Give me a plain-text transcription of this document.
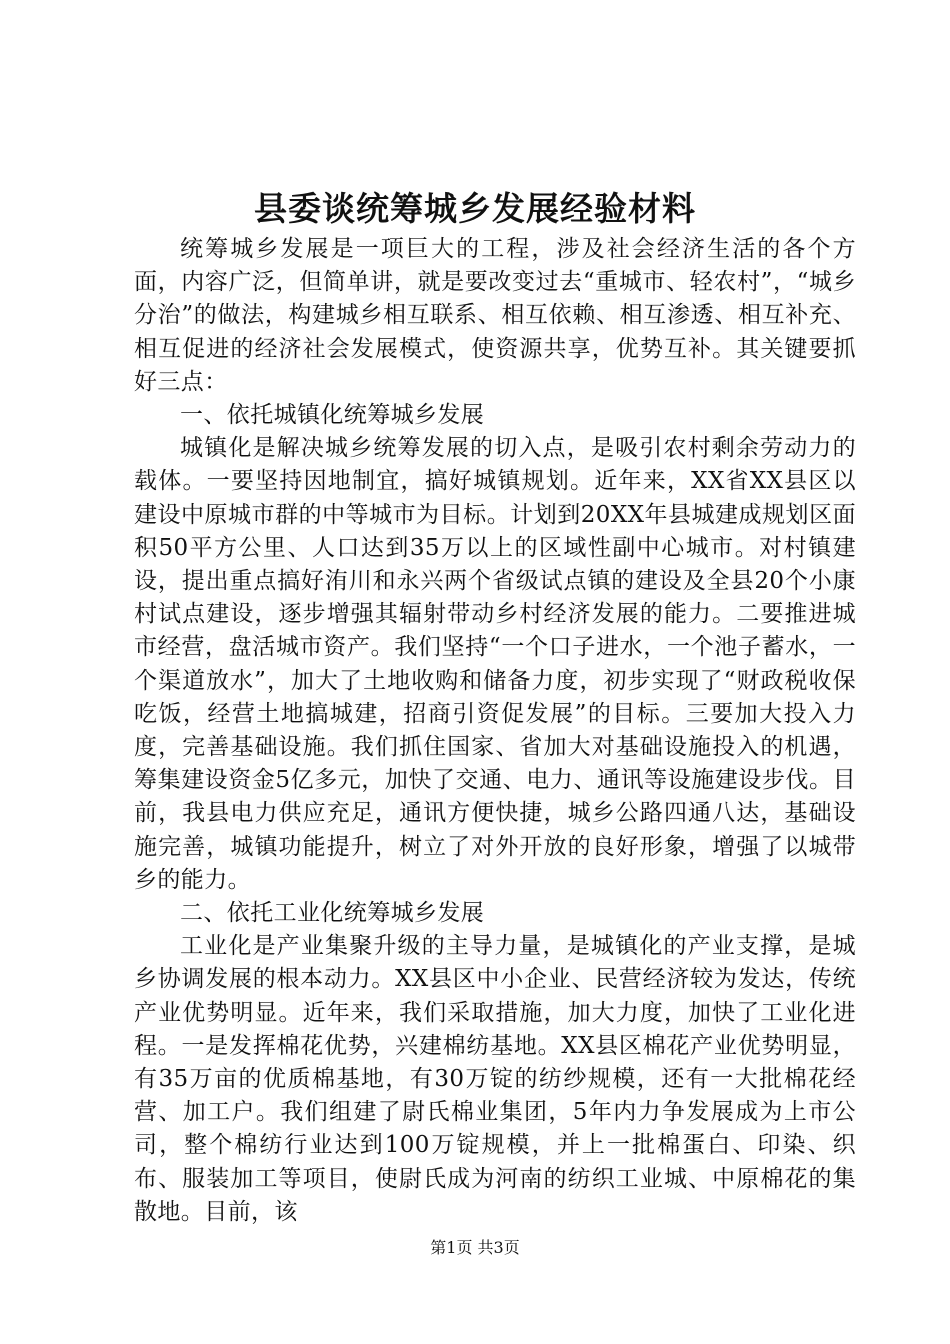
县委谈统筹城乡发展经验材料

统筹城乡发展是一项巨大的工程，涉及社会经济生活的各个方面，内容广泛，但简单讲，就是要改变过去“重城市、轻农村”，“城乡分治”的做法，构建城乡相互联系、相互依赖、相互渗透、相互补充、相互促进的经济社会发展模式，使资源共享，优势互补。其关键要抓好三点：

一、依托城镇化统筹城乡发展

城镇化是解决城乡统筹发展的切入点，是吸引农村剩余劳动力的载体。一要坚持因地制宜，搞好城镇规划。近年来，XX省XX县区以建设中原城市群的中等城市为目标。计划到20XX年县城建成规划区面积50平方公里、人口达到35万以上的区域性副中心城市。对村镇建设，提出重点搞好洧川和永兴两个省级试点镇的建设及全县20个小康村试点建设，逐步增强其辐射带动乡村经济发展的能力。二要推进城市经营，盘活城市资产。我们坚持“一个口子进水，一个池子蓄水，一个渠道放水”，加大了土地收购和储备力度，初步实现了“财政税收保吃饭，经营土地搞城建，招商引资促发展”的目标。三要加大投入力度，完善基础设施。我们抓住国家、省加大对基础设施投入的机遇，筹集建设资金5亿多元，加快了交通、电力、通讯等设施建设步伐。目前，我县电力供应充足，通讯方便快捷，城乡公路四通八达，基础设施完善，城镇功能提升，树立了对外开放的良好形象，增强了以城带乡的能力。

二、依托工业化统筹城乡发展

工业化是产业集聚升级的主导力量，是城镇化的产业支撑，是城乡协调发展的根本动力。XX县区中小企业、民营经济较为发达，传统产业优势明显。近年来，我们采取措施，加大力度，加快了工业化进程。一是发挥棉花优势，兴建棉纺基地。XX县区棉花产业优势明显，有35万亩的优质棉基地，有30万锭的纺纱规模，还有一大批棉花经营、加工户。我们组建了尉氏棉业集团，5年内力争发展成为上市公司，整个棉纺行业达到100万锭规模，并上一批棉蛋白、印染、织布、服装加工等项目，使尉氏成为河南的纺织工业城、中原棉花的集散地。目前，该

第1页 共3页
